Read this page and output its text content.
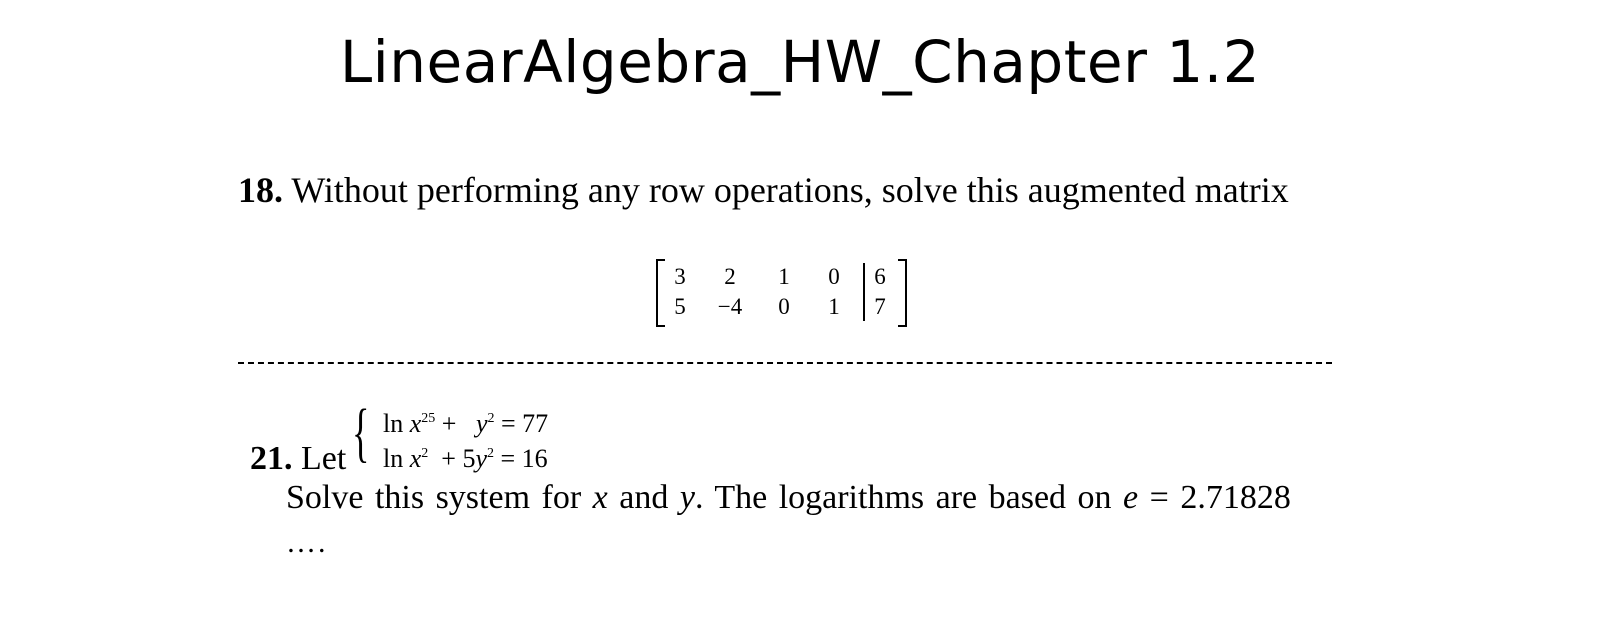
LinearAlgebra_HW_Chapter 1.2
18. Without performing any row operations, solve this augmented matrix
3	2	1	0	6
5	−4	0	1	7
21. Let { $\ln x^{25} + y^2 = 77$
$\ln x^2 + 5y^2 = 16$
Solve this system for x and y. The logarithms are based on e = 2.71828
….
